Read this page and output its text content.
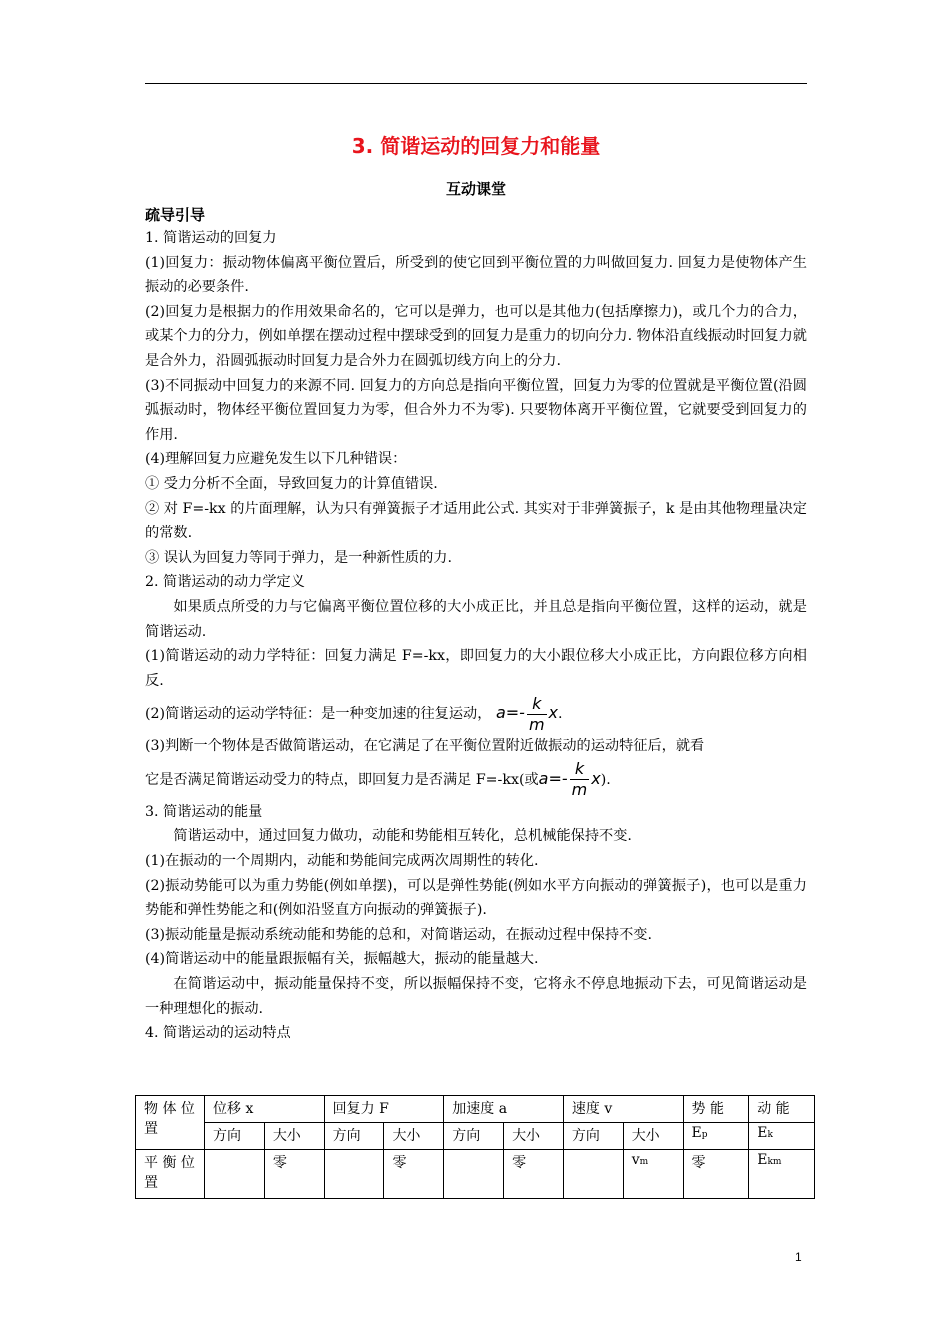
3. 简谐运动的回复力和能量
互动课堂
疏导引导

1. 简谐运动的回复力

(1)回复力：振动物体偏离平衡位置后，所受到的使它回到平衡位置的力叫做回复力. 回复力是使物体产生振动的必要条件.

(2)回复力是根据力的作用效果命名的，它可以是弹力，也可以是其他力(包括摩擦力)，或几个力的合力，或某个力的分力，例如单摆在摆动过程中摆球受到的回复力是重力的切向分力. 物体沿直线振动时回复力就是合外力，沿圆弧振动时回复力是合外力在圆弧切线方向上的分力.

(3)不同振动中回复力的来源不同. 回复力的方向总是指向平衡位置，回复力为零的位置就是平衡位置(沿圆弧振动时，物体经平衡位置回复力为零，但合外力不为零). 只要物体离开平衡位置，它就要受到回复力的作用.

(4)理解回复力应避免发生以下几种错误：

① 受力分析不全面，导致回复力的计算值错误.

② 对 F=-kx 的片面理解，认为只有弹簧振子才适用此公式. 其实对于非弹簧振子，k 是由其他物理量决定的常数.

③ 误认为回复力等同于弹力，是一种新性质的力.

2. 简谐运动的动力学定义

如果质点所受的力与它偏离平衡位置位移的大小成正比，并且总是指向平衡位置，这样的运动，就是简谐运动.

(1)简谐运动的动力学特征：回复力满足 F=-kx，即回复力的大小跟位移大小成正比，方向跟位移方向相反.

(2)简谐运动的运动学特征：是一种变加速的往复运动， $a=- \frac{k}{m} x$.

(3)判断一个物体是否做简谐运动，在它满足了在平衡位置附近做振动的运动特征后，就看

它是否满足简谐运动受力的特点，即回复力是否满足 F=-kx(或$a=- \frac{k}{m} x$).

3. 简谐运动的能量

简谐运动中，通过回复力做功，动能和势能相互转化，总机械能保持不变.

(1)在振动的一个周期内，动能和势能间完成两次周期性的转化.

(2)振动势能可以为重力势能(例如单摆)，可以是弹性势能(例如水平方向振动的弹簧振子)，也可以是重力势能和弹性势能之和(例如沿竖直方向振动的弹簧振子).

(3)振动能量是振动系统动能和势能的总和，对简谐运动，在振动过程中保持不变.

(4)简谐运动中的能量跟振幅有关，振幅越大，振动的能量越大.

在简谐运动中，振动能量保持不变，所以振幅保持不变，它将永不停息地振动下去，可见简谐运动是一种理想化的振动.

4. 简谐运动的运动特点

物 体 位置	位移 x		回复力 F		加速度 a		速度 v		势 能	动 能
	方向	大小	方向	大小	方向	大小	方向	大小	Ep	Ek
平 衡 位 置		零		零		零		vm	零	Ekm
1
